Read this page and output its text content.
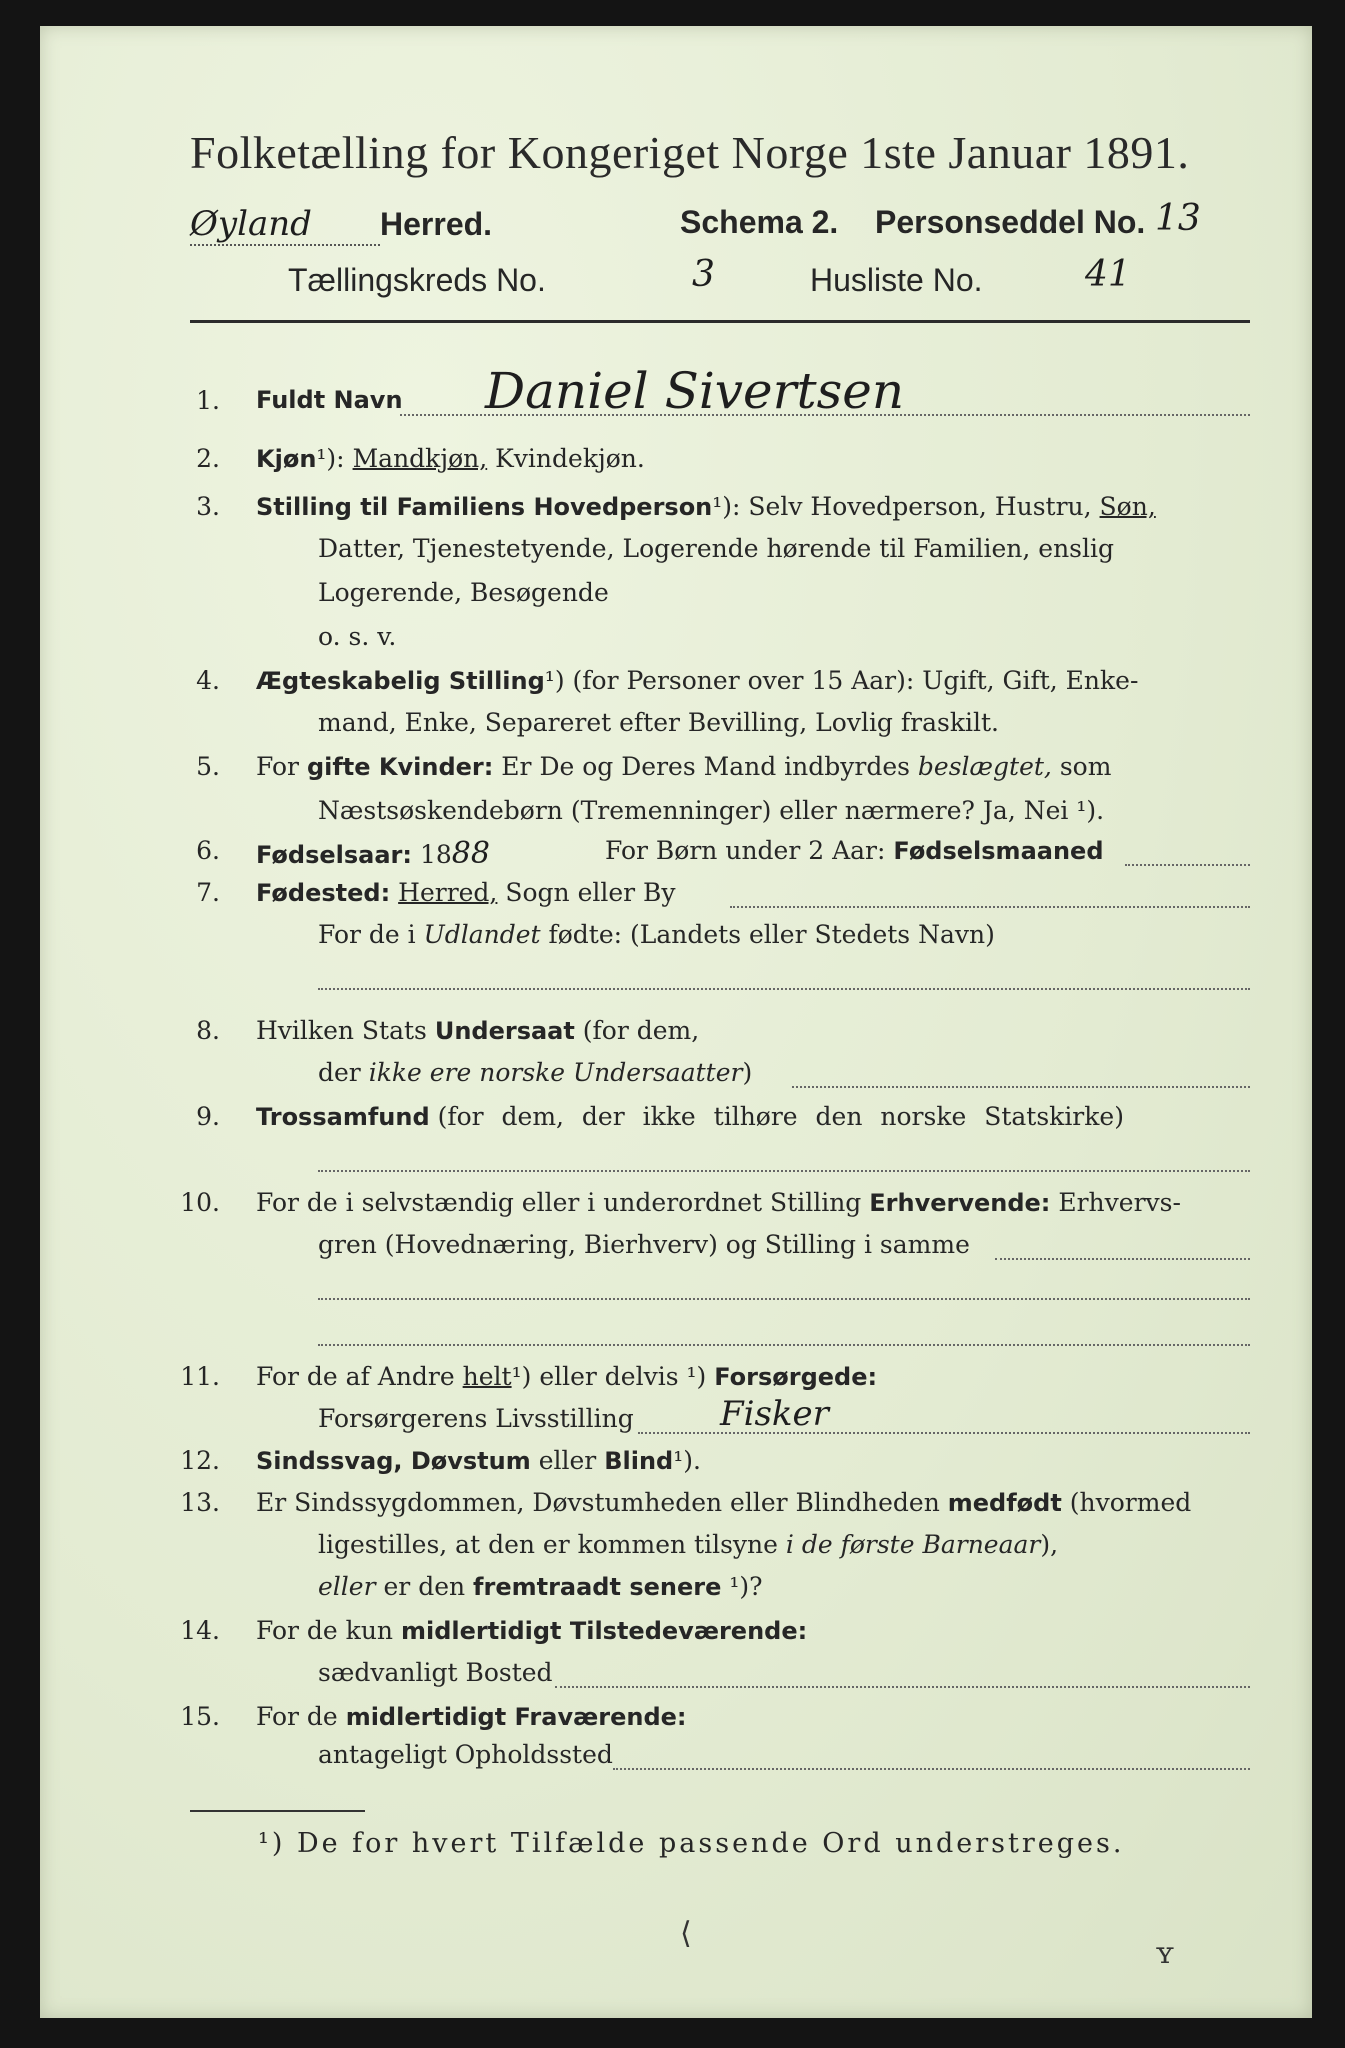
Folketælling for Kongeriget Norge 1ste Januar 1891.
Øyland Herred.	Schema 2. Personseddel No. 13
Tællingskreds No.	3	Husliste No.	41
1. Fuldt Navn Daniel Sivertsen
2. Kjøn¹): Mandkjøn, Kvindekjøn.
3. Stilling til Familiens Hovedperson¹): Selv Hovedperson, Hustru, Søn,
Datter, Tjenestetyende, Logerende hørende til Familien, enslig
Logerende, Besøgende
o. s. v.
4. Ægteskabelig Stilling¹) (for Personer over 15 Aar): Ugift, Gift, Enke-
mand, Enke, Separeret efter Bevilling, Lovlig fraskilt.
5. For gifte Kvinder: Er De og Deres Mand indbyrdes beslægtet, som
Næstsøskendebørn (Tremenninger) eller nærmere? Ja, Nei ¹).
6. Fødselsaar: 1888	For Børn under 2 Aar: Fødselsmaaned
7. Fødested: Herred, Sogn eller By
For de i Udlandet fødte: (Landets eller Stedets Navn)
8. Hvilken Stats Undersaat (for dem,
der ikke ere norske Undersaatter)
9. Trossamfund (for dem, der ikke tilhøre den norske Statskirke)
10. For de i selvstændig eller i underordnet Stilling Erhvervende: Erhvervs-
gren (Hovednæring, Bierhverv) og Stilling i samme
11. For de af Andre helt¹) eller delvis ¹) Forsørgede:
Forsørgerens Livsstilling	Fisker
12. Sindssvag, Døvstum eller Blind¹).
13. Er Sindssygdommen, Døvstumheden eller Blindheden medfødt (hvormed
ligestilles, at den er kommen tilsyne i de første Barneaar),
eller er den fremtraadt senere ¹)?
14. For de kun midlertidigt Tilstedeværende:
sædvanligt Bosted
15. For de midlertidigt Fraværende:
antageligt Opholdssted
¹) De for hvert Tilfælde passende Ord understreges.
⟨
ʏ
